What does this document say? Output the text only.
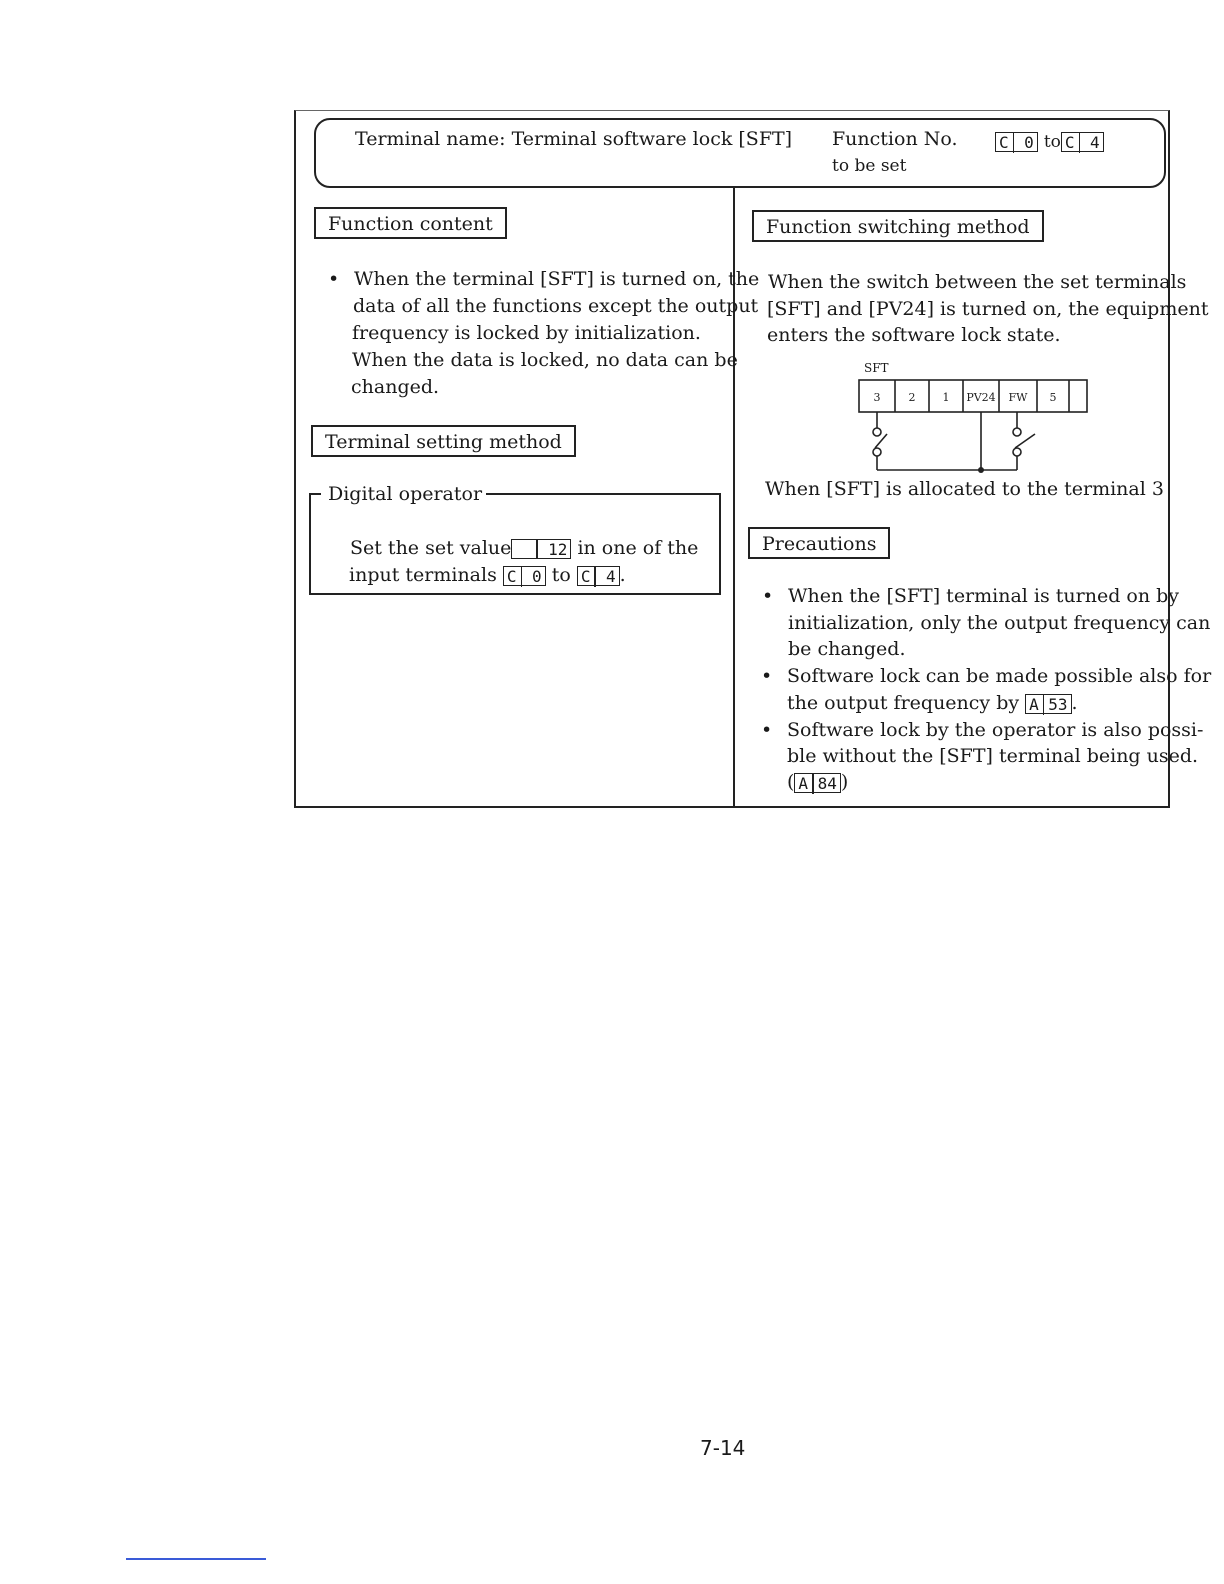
Terminal name: Terminal software lock [SFT] Function No.
to be set
C 0 to C 4
Function content
• When the terminal [SFT] is turned on, the
data of all the functions except the output
frequency is locked by initialization.
When the data is locked, no data can be
changed.
Terminal setting method
Digital operator
Set the set value 12 in one of the
input terminals C 0 to C 4 .
Function switching method
When the switch between the set terminals
[SFT] and [PV24] is turned on, the equipment
enters the software lock state.
SFT
3	2 1 PV24 FW 5
When [SFT] is allocated to the terminal 3
Precautions
• When the [SFT] terminal is turned on by
initialization, only the output frequency can
be changed.
• Software lock can be made possible also for
the output frequency by A 53 .
• Software lock by the operator is also possi-
ble without the [SFT] terminal being used.
( A 84 )
7-14
